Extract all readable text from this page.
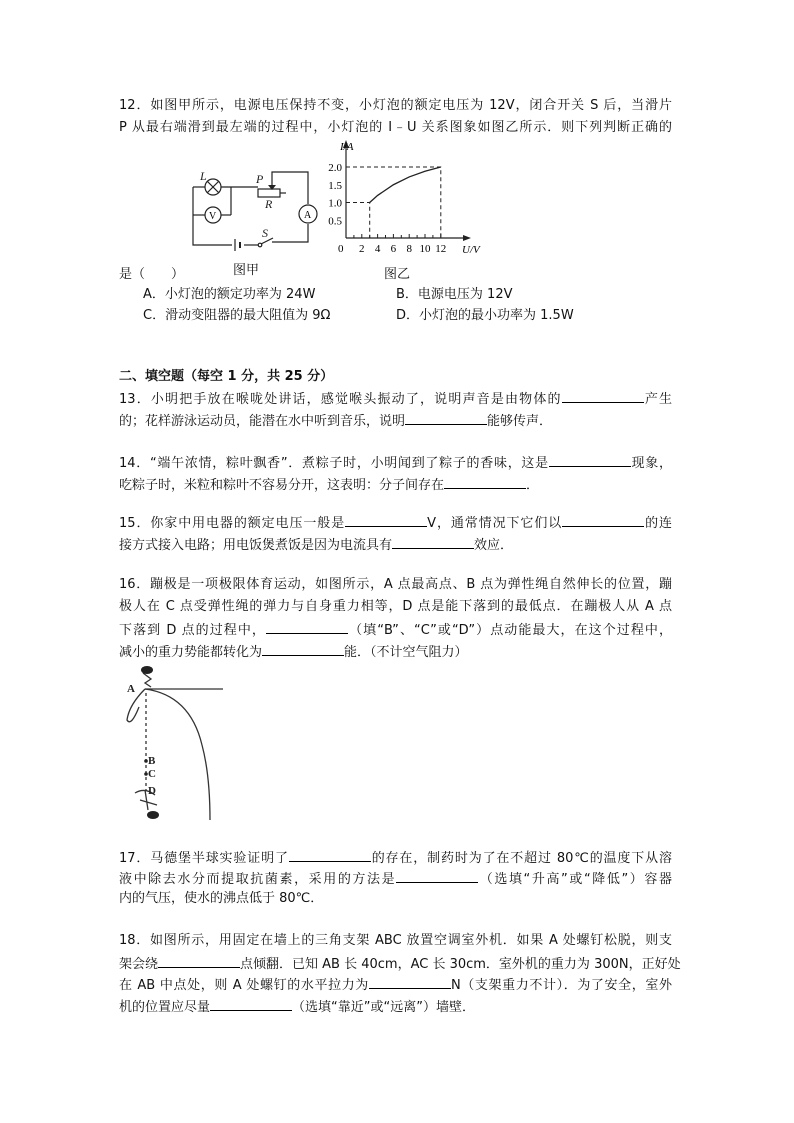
12．如图甲所示，电源电压保持不变，小灯泡的额定电压为 12V，闭合开关 S 后，当滑片
P 从最右端滑到最左端的过程中，小灯泡的 I﹣U 关系图象如图乙所示．则下列判断正确的
L	P
R
S
V	A
图甲
2 4 6 8 10 12
0.5
1.0
1.5
2.0
I/A
U/V
0
图乙
是（　　）
A．小灯泡的额定功率为 24W	B．电源电压为 12V
C．滑动变阻器的最大阻值为 9Ω	D．小灯泡的最小功率为 1.5W
二、填空题（每空 1 分，共 25 分）
13．小明把手放在喉咙处讲话，感觉喉头振动了，说明声音是由物体的	产生
的；花样游泳运动员，能潜在水中听到音乐，说明	能够传声．
14．“端午浓情，粽叶飘香”．煮粽子时，小明闻到了粽子的香味，这是	现象，
吃粽子时，米粒和粽叶不容易分开，这表明：分子间存在	．
15．你家中用电器的额定电压一般是	V，通常情况下它们以	的连
接方式接入电路；用电饭煲煮饭是因为电流具有	效应．
16．蹦极是一项极限体育运动，如图所示，A 点最高点、B 点为弹性绳自然伸长的位置，蹦
极人在 C 点受弹性绳的弹力与自身重力相等，D 点是能下落到的最低点．在蹦极人从 A 点
下落到 D 点的过程中，	（填“B”、“C”或“D”）点动能最大，在这个过程中，
减小的重力势能都转化为	能．（不计空气阻力）
A
B
C
D
17．马德堡半球实验证明了	的存在，制药时为了在不超过 80℃的温度下从溶
液中除去水分而提取抗菌素，采用的方法是	（选填“升高”或“降低”）容器
内的气压，使水的沸点低于 80℃．
18．如图所示，用固定在墙上的三角支架 ABC 放置空调室外机．如果 A 处螺钉松脱，则支
架会绕	点倾翻．已知 AB 长 40cm，AC 长 30cm．室外机的重力为 300N，正好处
在 AB 中点处，则 A 处螺钉的水平拉力为	N（支架重力不计）．为了安全，室外
机的位置应尽量	（选填“靠近”或“远离”）墙壁．
